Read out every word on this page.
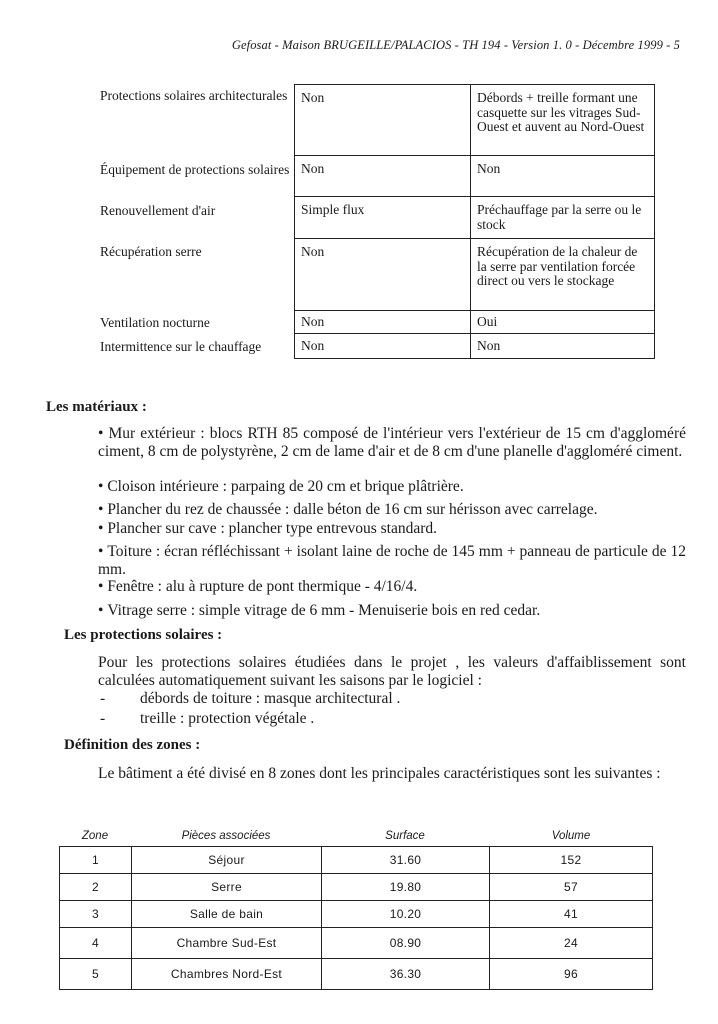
Gefosat - Maison BRUGEILLE/PALACIOS - TH 194 - Version 1. 0 - Décembre 1999 - 5
Protections solaires architecturales	Non	Débords + treille formant une casquette sur les vitrages Sud-Ouest et auvent au Nord-Ouest
Équipement de protections solaires Non	Non
Renouvellement d'air	Simple flux	Préchauffage par la serre ou le stock
Récupération serre	Non	Récupération de la chaleur de la serre par ventilation forcée direct ou vers le stockage
Ventilation nocturne	Non	Oui
Intermittence sur le chauffage	Non	Non
Les matériaux :
• Mur extérieur : blocs RTH 85 composé de l'intérieur vers l'extérieur de 15 cm d'aggloméré ciment, 8 cm de polystyrène, 2 cm de lame d'air et de 8 cm d'une planelle d'aggloméré ciment.
• Cloison intérieure : parpaing de 20 cm et brique plâtrière.
• Plancher du rez de chaussée : dalle béton de 16 cm sur hérisson avec carrelage.
• Plancher sur cave : plancher type entrevous standard.
• Toiture : écran réfléchissant + isolant laine de roche de 145 mm + panneau de particule de 12 mm.
• Fenêtre : alu à rupture de pont thermique - 4/16/4.
• Vitrage serre : simple vitrage de 6 mm - Menuiserie bois en red cedar.
Les protections solaires :
Pour les protections solaires étudiées dans le projet , les valeurs d'affaiblissement sont calculées automatiquement suivant les saisons par le logiciel :
- débords de toiture : masque architectural .
- treille : protection végétale .
Définition des zones :
Le bâtiment a été divisé en 8 zones dont les principales caractéristiques sont les suivantes :
Zone	Pièces associées	Surface	Volume
1	Séjour	31.60	152
2	Serre	19.80	57
3	Salle de bain	10.20	41
4	Chambre Sud-Est	08.90	24
5	Chambres Nord-Est	36.30	96
